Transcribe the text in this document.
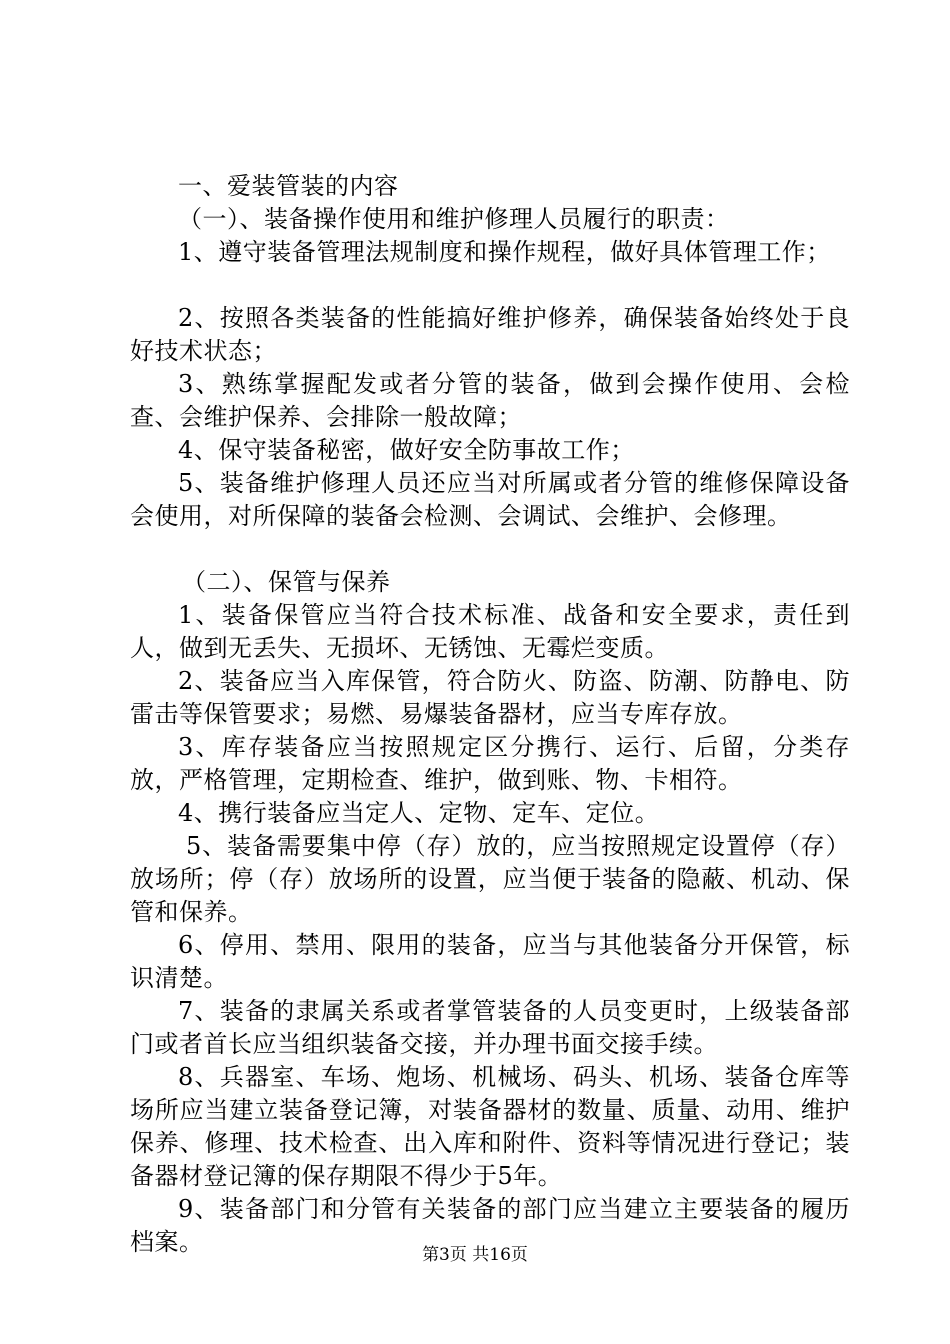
一、爱装管装的内容

（一）、装备操作使用和维护修理人员履行的职责：

1、遵守装备管理法规制度和操作规程，做好具体管理工作；

2、按照各类装备的性能搞好维护修养，确保装备始终处于良好技术状态；

3、熟练掌握配发或者分管的装备，做到会操作使用、会检查、会维护保养、会排除一般故障；

4、保守装备秘密，做好安全防事故工作；

5、装备维护修理人员还应当对所属或者分管的维修保障设备会使用，对所保障的装备会检测、会调试、会维护、会修理。

（二）、保管与保养

1、装备保管应当符合技术标准、战备和安全要求，责任到人，做到无丢失、无损坏、无锈蚀、无霉烂变质。

2、装备应当入库保管，符合防火、防盗、防潮、防静电、防雷击等保管要求；易燃、易爆装备器材，应当专库存放。

3、库存装备应当按照规定区分携行、运行、后留，分类存放，严格管理，定期检查、维护，做到账、物、卡相符。

4、携行装备应当定人、定物、定车、定位。

5、装备需要集中停（存）放的，应当按照规定设置停（存）放场所；停（存）放场所的设置，应当便于装备的隐蔽、机动、保管和保养。

6、停用、禁用、限用的装备，应当与其他装备分开保管，标识清楚。

7、装备的隶属关系或者掌管装备的人员变更时，上级装备部门或者首长应当组织装备交接，并办理书面交接手续。

8、兵器室、车场、炮场、机械场、码头、机场、装备仓库等场所应当建立装备登记簿，对装备器材的数量、质量、动用、维护保养、修理、技术检查、出入库和附件、资料等情况进行登记；装备器材登记簿的保存期限不得少于5年。

9、装备部门和分管有关装备的部门应当建立主要装备的履历档案。	第3页 共16页
